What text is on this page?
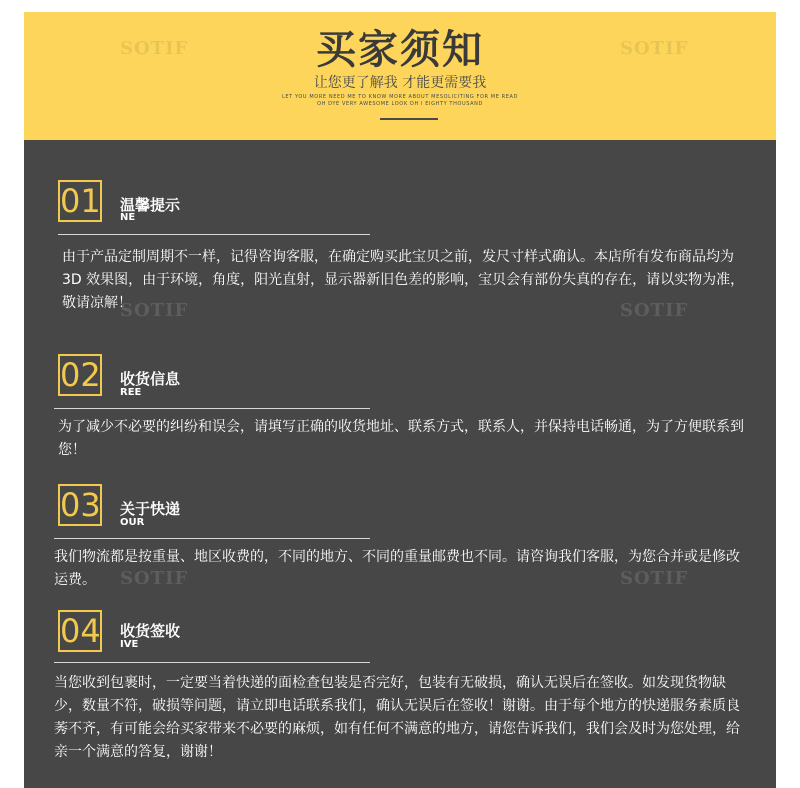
SOTIF	SOTIF
买家须知
让您更了解我 才能更需要我
LET YOU MORE NEED ME TO KNOW MORE ABOUT MESOLICITING FOR ME READ
OH DYE VERY AWESOME LOOK OH I EIGHTY THOUSAND
SOTIF	SOTIF
SOTIF	SOTIF
01 温馨提示
NE
由于产品定制周期不一样，记得咨询客服，在确定购买此宝贝之前，发尺寸样式确认。本店所有发布商品均为 3D 效果图，由于环境，角度，阳光直射，显示器新旧色差的影响，宝贝会有部份失真的存在，请以实物为准，敬请凉解！
02 收货信息
REE
为了减少不必要的纠纷和误会，请填写正确的收货地址、联系方式，联系人，并保持电话畅通，为了方便联系到您！
03 关于快递
OUR
我们物流都是按重量、地区收费的，不同的地方、不同的重量邮费也不同。请咨询我们客服，为您合并或是修改运费。
04 收货签收
IVE
当您收到包裹时，一定要当着快递的面检查包装是否完好，包装有无破损，确认无误后在签收。如发现货物缺少，数量不符，破损等问题，请立即电话联系我们，确认无误后在签收！谢谢。由于每个地方的快递服务素质良莠不齐，有可能会给买家带来不必要的麻烦，如有任何不满意的地方，请您告诉我们，我们会及时为您处理，给亲一个满意的答复，谢谢！
